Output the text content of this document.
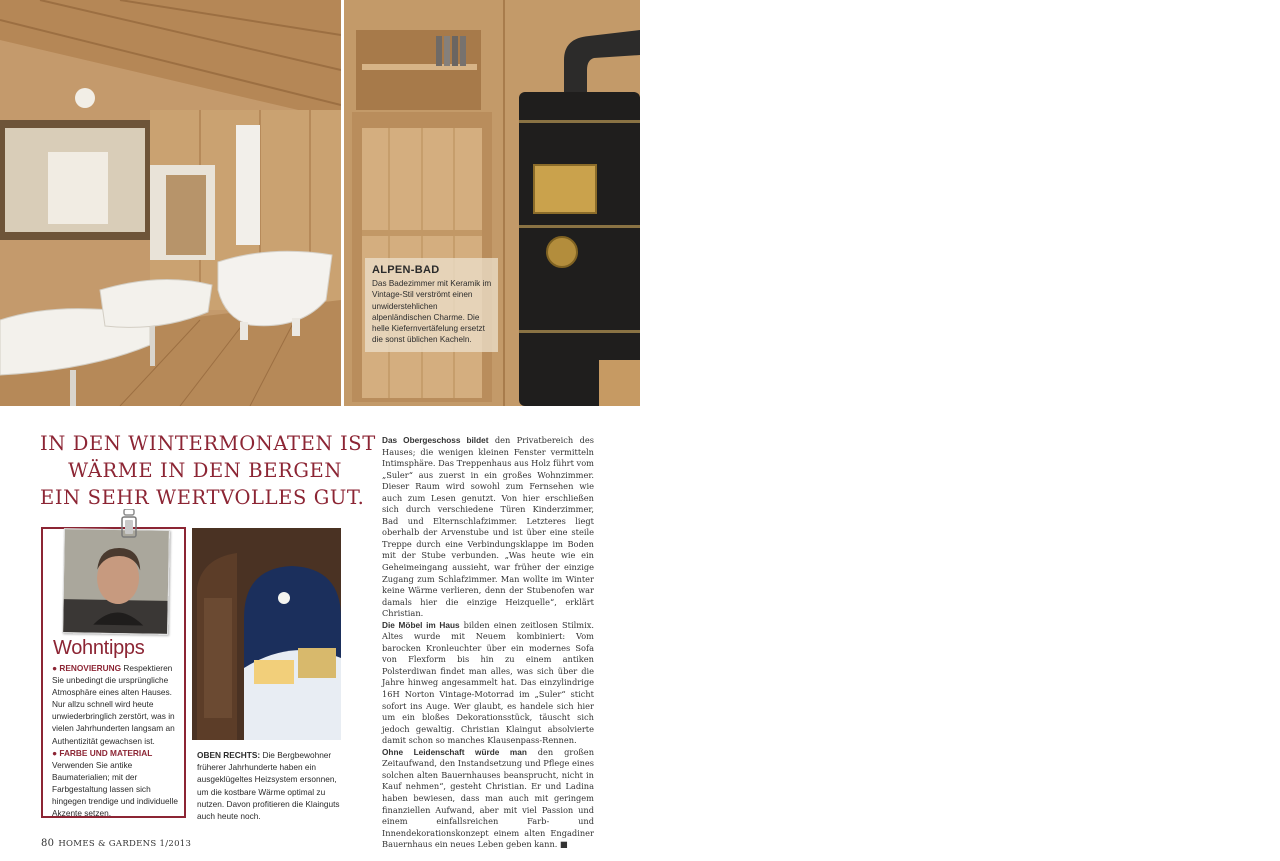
ALPEN-BAD
Das Badezimmer mit Keramik im Vintage-Stil verströmt einen unwiderstehlichen alpenländischen Charme. Die helle Kiefernvertäfelung ersetzt die sonst üblichen Kacheln.
IN DEN WINTERMONATEN IST
WÄRME IN DEN BERGEN
EIN SEHR WERTVOLLES GUT.
Wohntipps
● RENOVIERUNG Respektieren Sie unbedingt die ursprüngliche Atmosphäre eines alten Hauses. Nur allzu schnell wird heute unwiederbringlich zerstört, was in vielen Jahrhunderten langsam an Authentizität gewachsen ist.
● FARBE UND MATERIAL Verwenden Sie antike Baumaterialien; mit der Farbgestaltung lassen sich hingegen trendige und individuelle Akzente setzen.
OBEN RECHTS: Die Bergbewohner früherer Jahrhunderte haben ein ausgeklügeltes Heizsystem ersonnen, um die kostbare Wärme optimal zu nutzen. Davon profitieren die Klainguts auch heute noch.

Das Obergeschoss bildet den Privatbereich des Hauses; die wenigen kleinen Fenster vermitteln Intimsphäre. Das Treppenhaus aus Holz führt vom „Suler“ aus zuerst in ein großes Wohnzimmer. Dieser Raum wird sowohl zum Fernsehen wie auch zum Lesen genutzt. Von hier erschließen sich durch verschiedene Türen Kinderzimmer, Bad und Elternschlafzimmer. Letzteres liegt oberhalb der Arvenstube und ist über eine steile Treppe durch eine Verbindungsklappe im Boden mit der Stube verbunden. „Was heute wie ein Geheimeingang aussieht, war früher der einzige Zugang zum Schlafzimmer. Man wollte im Winter keine Wärme verlieren, denn der Stubenofen war damals hier die einzige Heizquelle“, erklärt Christian.

Die Möbel im Haus bilden einen zeitlosen Stilmix. Altes wurde mit Neuem kombiniert: Vom barocken Kronleuchter über ein modernes Sofa von Flexform bis hin zu einem antiken Polsterdiwan findet man alles, was sich über die Jahre hinweg angesammelt hat. Das einzylindrige 16H Norton Vintage-Motorrad im „Suler“ sticht sofort ins Auge. Wer glaubt, es handele sich hier um ein bloßes Dekorationsstück, täuscht sich jedoch gewaltig. Christian Klaingut absolvierte damit schon so manches Klausenpass-Rennen.

Ohne Leidenschaft würde man den großen Zeitaufwand, den Instandsetzung und Pflege eines solchen alten Bauernhauses beansprucht, nicht in Kauf nehmen“, gesteht Christian. Er und Ladina haben bewiesen, dass man auch mit geringem finanziellen Aufwand, aber mit viel Passion und einem einfallsreichen Farb- und Innendekorationskonzept einem alten Engadiner Bauernhaus ein neues Leben geben kann. ■

80 HOMES & GARDENS 1/2013
